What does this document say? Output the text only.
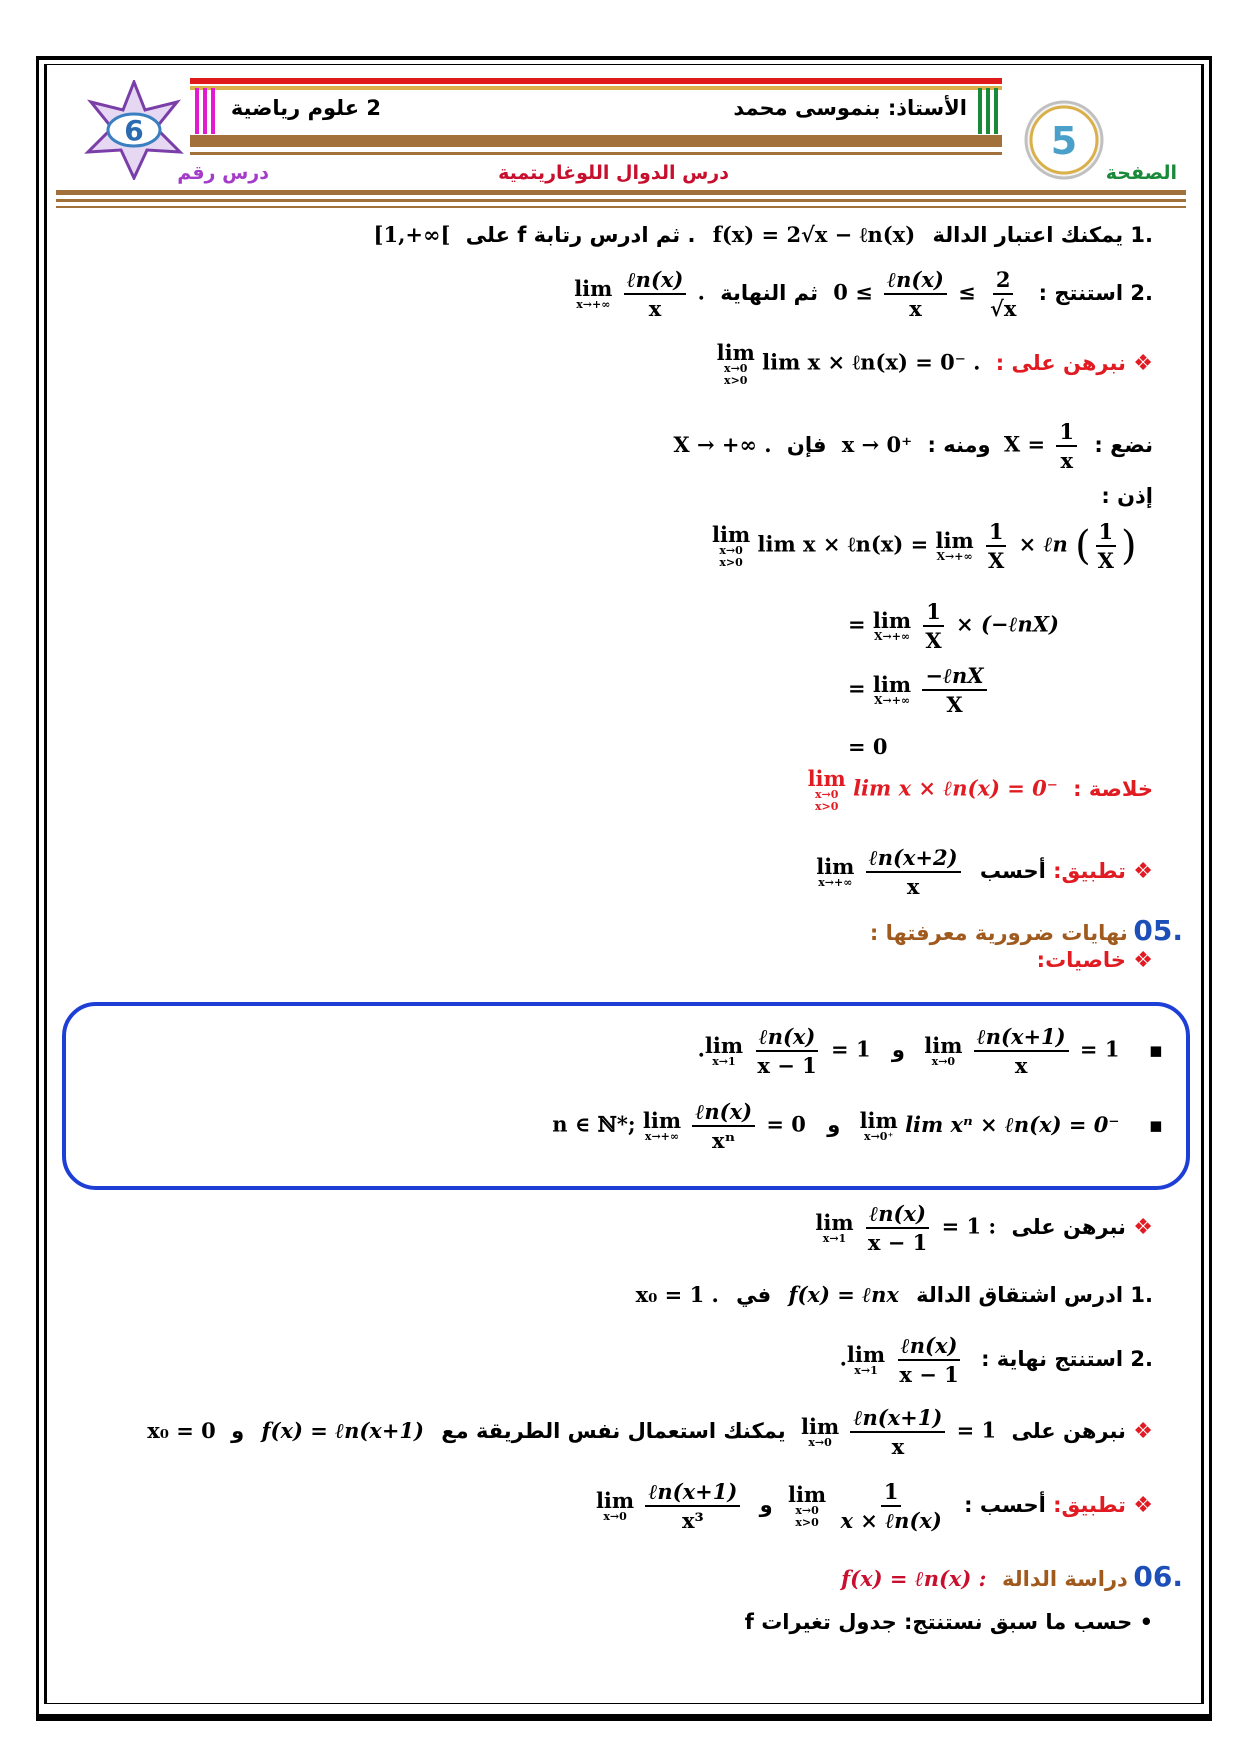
6	5
2 علوم رياضية	الأستاذ: بنموسى محمد
الصفحة
درس الدوال اللوغاريتمية
درس رقم
.1 يمكنك اعتبار الدالة f(x) = 2√x − ℓn(x) . ثم ادرس رتابة f على [1,+∞[
.2 استنتج : $0 \le \frac{\text{ℓn(x)}}{x} \le \frac{2}{√x}$
ثم النهاية
lim
x→+∞
$\frac{\text{ℓn(x)}}{x}$ .
❖ نبرهن على :
lim
x→0
x>0
lim x × ℓn(x) = 0⁻ .
نضع : $X = \frac{1}{x}$
ومنه : x → 0⁺ فإن X → +∞ .
إذن :
lim
x→0
x>0
lim x × ℓn(x) = lim
X→+∞
$\frac{1}{X}$ × ℓn ( $\frac{1}{X}$ )
= lim
X→+∞
$\frac{1}{X}$ × (−ℓnX)
= lim
X→+∞
$\frac{\text{−ℓnX}}{X}$
= 0
خلاصة :
lim
x→0
x>0
lim x × ℓn(x) = 0⁻
❖ تطبيق: أحسب
lim
x→+∞
$\frac{\text{ℓn(x+2)}}{x}$
.05 نهايات ضرورية معرفتها :
❖ خاصيات:
▪
lim
x→0
$\frac{\text{ℓn(x+1)}}{x} = 1$ و . lim
x→1
$\frac{\text{ℓn(x)}}{x - 1} = 1$
▪
lim
x→0⁺ lim xⁿ × ℓn(x) = 0⁻ و n ∈ ℕ*; lim
x→+∞
$\frac{\text{ℓn(x)}}{\text{xⁿ}} = 0$
❖ نبرهن على
lim
x→1
$\frac{\text{ℓn(x)}}{x - 1} = 1$ :
.1 ادرس اشتقاق الدالة f(x) = ℓnx في x₀ = 1 .
.2 استنتج نهاية : . lim
x→1
$\frac{\text{ℓn(x)}}{x - 1}$
❖ نبرهن على
lim
x→0
$\frac{\text{ℓn(x+1)}}{x} = 1$ يمكنك استعمال نفس الطريقة مع f(x) = ℓn(x+1) و x₀ = 0
❖ تطبيق: أحسب :
lim
x→0
x>0
$\frac{1}{\text{x × ℓn(x)}}$
و
lim
x→0
$\frac{\text{ℓn(x+1)}}{\text{x³}}$
.06 دراسة الدالة f(x) = ℓn(x) :
• حسب ما سبق نستنتج: جدول تغيرات f
